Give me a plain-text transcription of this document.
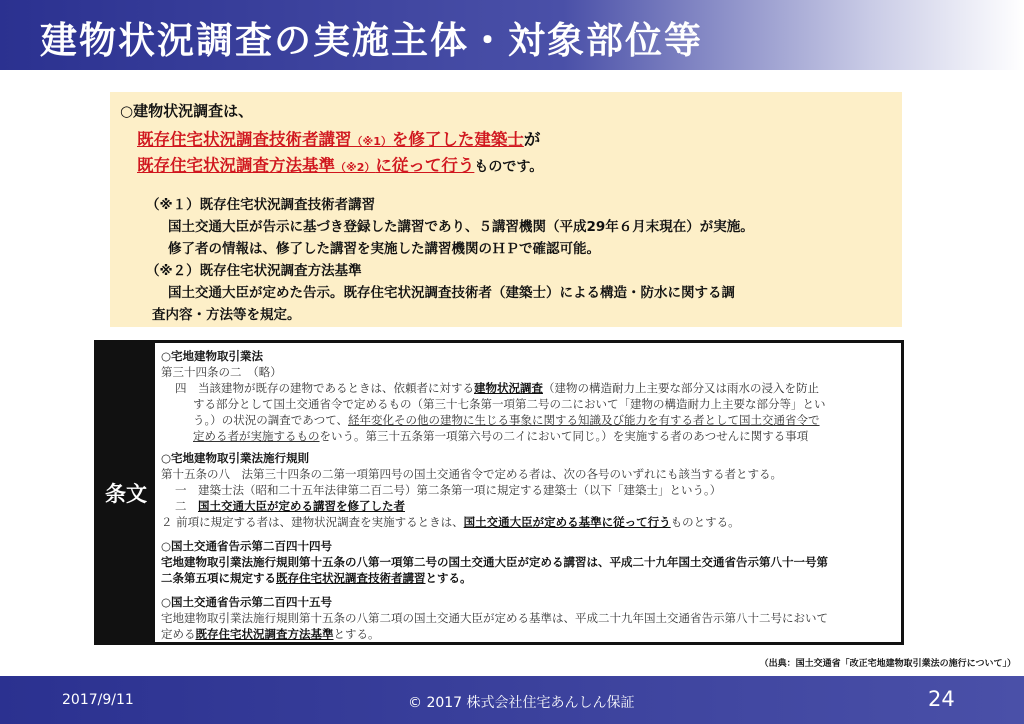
建物状況調査の実施主体・対象部位等
○建物状況調査は、
既存住宅状況調査技術者講習（※1）を修了した建築士が
既存住宅状況調査方法基準（※2）に従って行うものです。
（※１）既存住宅状況調査技術者講習
国土交通大臣が告示に基づき登録した講習であり、５講習機関（平成29年６月末現在）が実施。
修了者の情報は、修了した講習を実施した講習機関のＨＰで確認可能。
（※２）既存住宅状況調査方法基準
国土交通大臣が定めた告示。既存住宅状況調査技術者（建築士）による構造・防水に関する調
査内容・方法等を規定。
条文
○宅地建物取引業法
第三十四条の二　（略）
四　当該建物が既存の建物であるときは、依頼者に対する建物状況調査（建物の構造耐力上主要な部分又は雨水の浸入を防止
する部分として国土交通省令で定めるもの（第三十七条第一項第二号の二において「建物の構造耐力上主要な部分等」とい
う。）の状況の調査であつて、経年変化その他の建物に生じる事象に関する知識及び能力を有する者として国土交通省令で
定める者が実施するものをいう。第三十五条第一項第六号の二イにおいて同じ。）を実施する者のあつせんに関する事項
○宅地建物取引業法施行規則
第十五条の八　法第三十四条の二第一項第四号の国土交通省令で定める者は、次の各号のいずれにも該当する者とする。
一　建築士法（昭和二十五年法律第二百二号）第二条第一項に規定する建築士（以下「建築士」という。）
二　国土交通大臣が定める講習を修了した者
２ 前項に規定する者は、建物状況調査を実施するときは、国土交通大臣が定める基準に従って行うものとする。
○国土交通省告示第二百四十四号
宅地建物取引業法施行規則第十五条の八第一項第二号の国土交通大臣が定める講習は、平成二十九年国土交通省告示第八十一号第
二条第五項に規定する既存住宅状況調査技術者講習とする。
○国土交通省告示第二百四十五号
宅地建物取引業法施行規則第十五条の八第二項の国土交通大臣が定める基準は、平成二十九年国土交通省告示第八十二号において
定める既存住宅状況調査方法基準とする。
（出典：国土交通省「改正宅地建物取引業法の施行について」）
2017/9/11	© 2017 株式会社住宅あんしん保証	24
